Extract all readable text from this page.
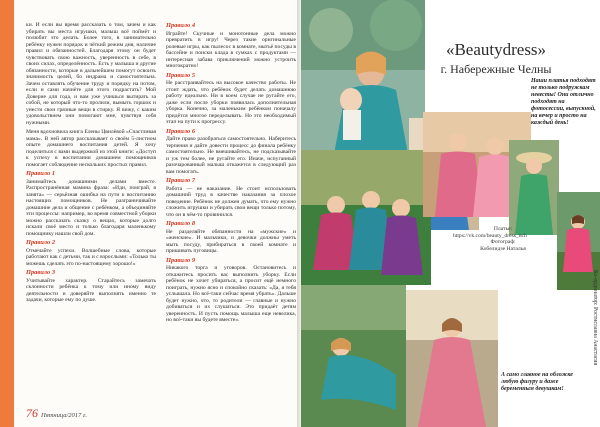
ки. И если вы время рассказать о том, зачем и как убирать вы места игрушки, малыш всё поймёт и полюбит это делать. Более того, в занимательно ребёнку нужен порядок и чёткий режим дня, наличие правил и обязанностей. Благодаря этому он будет чувствовать свою важность, уверенность в себе, в своих силах, определённость. Есть у малыша и другие обязанности, которые в дальнейшем помогут освоить значимость целей, бо индрама и самостоятельна. Зачем оставлять обучение труду и порядку на потом, если и сами начнёте для этого подрастать? Мой Доверие для года, и вам уже учишься вытирать за собой, не который что-то пролили, вымыть горшок и унести свои грязные вещи в стирку. Я вижу, с каким удовольствием они помогают мне, чувствуя себя нужными.

Меня вдохновила книга Елены Цвилёвой «Счастливая мама». В ней автор рассказывает о своём 5-листном опыте домашнего воспитания детей. Я хочу поделиться с вами выдержкой из этой книги: «Доступ к успеху в воспитании домашнем помощников помогает соблюдение нескольких простых правил.

Правило 1

Занимайтесь домашними делами вместе. Распространённая мамина фраза: «Иди, поиграй, я занята» — серьёзная ошибка на пути к воспитанию настоящих помощников. Не разграничивайте домашние дела и общение с ребёнком, а объединяйте эти процессы: например, во время совместной уборки можно рассказать сказку о вещах, которые долго искали своё место и только благодаря маленькому помощнику нашли свой дом.

Правило 2

Отмечайте успехи. Волшебные слова, которые работают как с детьми, так и с взрослыми: «Только ты можешь сделать это по-настоящему хорошо!»

Правило 3

Учитывайте характер. Старайтесь замечать склонности ребёнка к тому или иному виду деятельности и доверяйте выполнять именно те задачи, которые ему по душе.

Правило 4

Играйте! Скучные и монотонные дела можно превратить в игру! Через такие оригинальные ролевые игры, как пылесос в комнате, мытьё посуды в бассейне и поиски клада в сумках с продуктами — интересная забава приключений можно устроить многократно!

Правило 5

Не расстраивайтесь на высокое качество работы. Не стоит ждать, что ребёнок будет делать домашнюю работу идеально. Ни в коем случае не ругайте его, даже если после уборки появилась дополнительная уборка. Конечно, за маленьким ребёнком поначалу придётся многое переделывать. Но это необходимый этап на пути к прогрессу.

Правило 6

Дайте право разобраться самостоятельно. Наберитесь терпения и дайте довести процесс до финала ребёнку самостоятельно. Не вмешивайтесь, не подсказывайте и уж тем более, не ругайте его. Иначе, испуганный разочарованный малыш откажется в следующий раз вам помогать.

Правило 7

Работа — не наказание. Не стоит использовать домашний труд в качестве наказания за плохое поведение. Ребёнок не должен думать, что ему нужно сложить игрушки и убирать свои вещи только потому, что он в чём-то провинился.

Правило 8

Не разделяйте обязанности на «мужские» и «женские». И мальчики, и девочки должны уметь мыть посуду, прибираться в своей комнате и пришивать пуговицы.

Правило 9

Никакого торга и уговоров. Остановитесь и откажитесь просить вас выполнить уборку. Если ребёнок не хочет убираться, а просит ещё немного поиграть, нужно ясно и спокойно сказать: «Да, я тебя услышала. Но всё-таки сейчас время убрать». Дальше будет нужно, что, то родители — главные и нужно добиваться и их слушаться. Это придаёт детям уверенность. И пусть помощь малыша еще невелика, но всё-таки вы будете вместе».

76 Пятница/2017 г.
«Beautydress»
г. Набережные Челны
Наши платья подходят не только подружкам невесты! Они отлично подходят на фотосессии, выпускной, на вечер и просто на каждый день!
Платье:
https://vk.com/beauty_dress_nch
Фотограф:
Кобелидзе Наталья
А само главное на обложке любую фигуру и даже беременным девушкам!
Ко-ординатор: Ростиславна Анастасия
